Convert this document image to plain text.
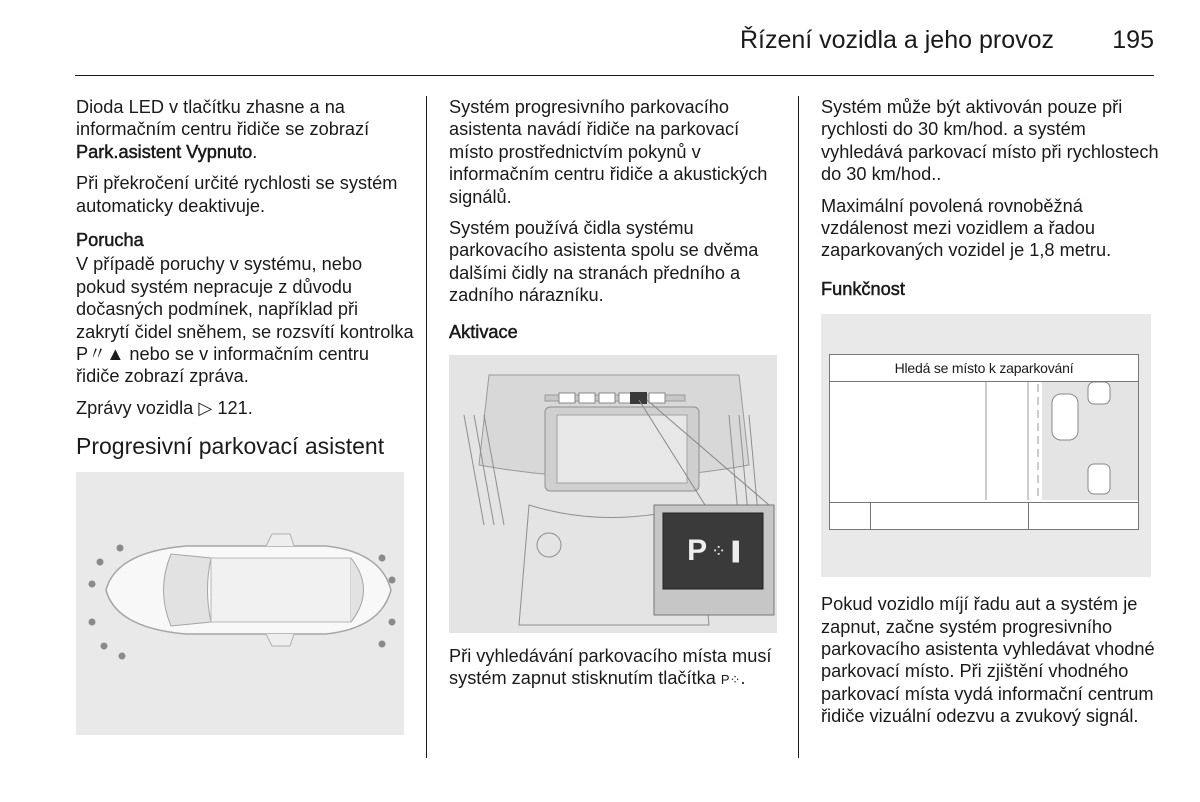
Řízení vozidla a jeho provoz 195

Dioda LED v tlačítku zhasne a na informačním centru řidiče se zobrazí Park.asistent Vypnuto.

Při překročení určité rychlosti se systém automaticky deaktivuje.

Porucha

V případě poruchy v systému, nebo pokud systém nepracuje z důvodu dočasných podmínek, například při zakrytí čidel sněhem, se rozsvítí kontrolka P〃▲ nebo se v informačním centru řidiče zobrazí zpráva.

Zprávy vozidla ▷ 121.

Progresivní parkovací asistent

Systém progresivního parkovacího asistenta navádí řidiče na parkovací místo prostřednictvím pokynů v informačním centru řidiče a akustických signálů.

Systém používá čidla systému parkovacího asistenta spolu se dvěma dalšími čidly na stranách předního a zadního nárazníku.

Aktivace
P ⁘▐

Při vyhledávání parkovacího místa musí systém zapnut stisknutím tlačítka P⁘.

Systém může být aktivován pouze při rychlosti do 30 km/hod. a systém vyhledává parkovací místo při rychlostech do 30 km/hod..

Maximální povolená rovnoběžná vzdálenost mezi vozidlem a řadou zaparkovaných vozidel je 1,8 metru.

Funkčnost
Hledá se místo k zaparkování

Pokud vozidlo míjí řadu aut a systém je zapnut, začne systém progresivního parkovacího asistenta vyhledávat vhodné parkovací místo. Při zjištění vhodného parkovací místa vydá informační centrum řidiče vizuální odezvu a zvukový signál.
